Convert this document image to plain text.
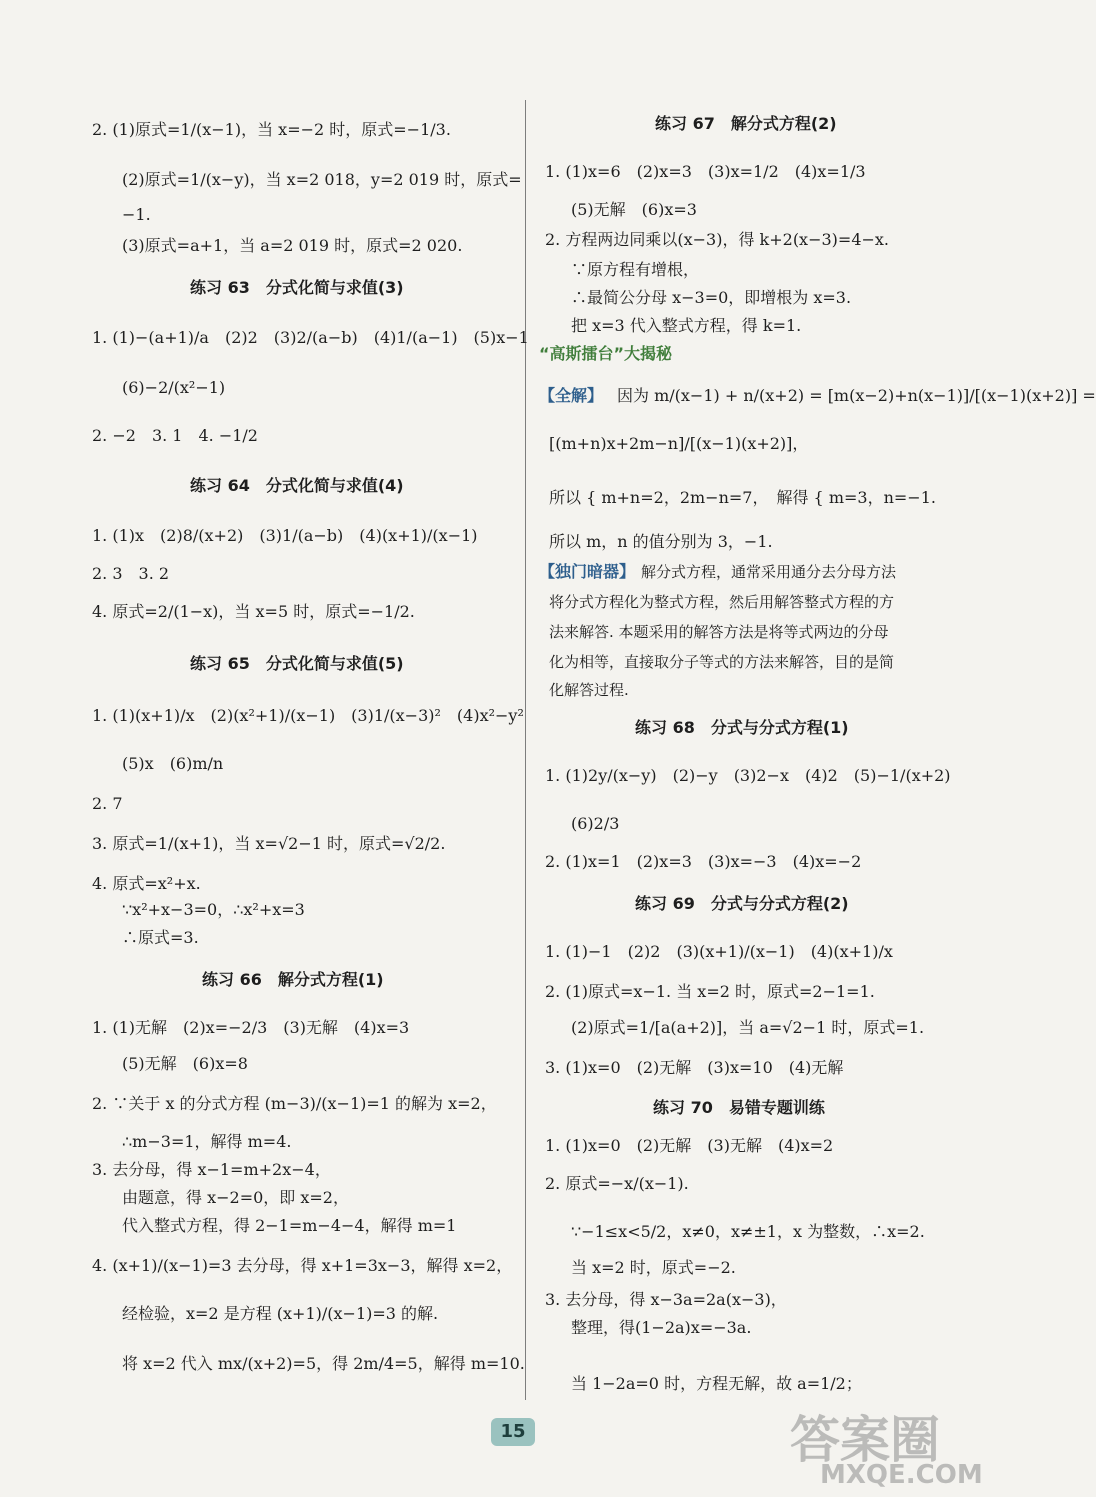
2. (1)原式=1/(x−1)，当 x=−2 时，原式=−1/3.
(2)原式=1/(x−y)，当 x=2 018，y=2 019 时，原式=
−1.
(3)原式=a+1，当 a=2 019 时，原式=2 020.
练习 63　分式化简与求值(3)
1. (1)−(a+1)/a　(2)2　(3)2/(a−b)　(4)1/(a−1)　(5)x−1
(6)−2/(x²−1)
2. −2　3. 1　4. −1/2
练习 64　分式化简与求值(4)
1. (1)x　(2)8/(x+2)　(3)1/(a−b)　(4)(x+1)/(x−1)
2. 3　3. 2
4. 原式=2/(1−x)，当 x=5 时，原式=−1/2.
练习 65　分式化简与求值(5)
1. (1)(x+1)/x　(2)(x²+1)/(x−1)　(3)1/(x−3)²　(4)x²−y²
(5)x　(6)m/n
2. 7
3. 原式=1/(x+1)，当 x=√2−1 时，原式=√2/2.
4. 原式=x²+x.
∵x²+x−3=0，∴x²+x=3
∴原式=3.
练习 66　解分式方程(1)
1. (1)无解　(2)x=−2/3　(3)无解　(4)x=3
(5)无解　(6)x=8
2. ∵关于 x 的分式方程 (m−3)/(x−1)=1 的解为 x=2，
∴m−3=1，解得 m=4.
3. 去分母，得 x−1=m+2x−4，
由题意，得 x−2=0，即 x=2，
代入整式方程，得 2−1=m−4−4，解得 m=1
4. (x+1)/(x−1)=3 去分母，得 x+1=3x−3，解得 x=2，
经检验，x=2 是方程 (x+1)/(x−1)=3 的解.
将 x=2 代入 mx/(x+2)=5，得 2m/4=5，解得 m=10.
练习 67　解分式方程(2)
1. (1)x=6　(2)x=3　(3)x=1/2　(4)x=1/3
(5)无解　(6)x=3
2. 方程两边同乘以(x−3)，得 k+2(x−3)=4−x.
∵原方程有增根，
∴最简公分母 x−3=0，即增根为 x=3.
把 x=3 代入整式方程，得 k=1.
“高斯擂台”大揭秘
【全解】 因为 m/(x−1) + n/(x+2) = [m(x−2)+n(x−1)]/[(x−1)(x+2)] =
[(m+n)x+2m−n]/[(x−1)(x+2)]，
所以 { m+n=2，2m−n=7，　解得 { m=3，n=−1.
所以 m，n 的值分别为 3，−1.
【独门暗器】 解分式方程，通常采用通分去分母方法
将分式方程化为整式方程，然后用解答整式方程的方
法来解答. 本题采用的解答方法是将等式两边的分母
化为相等，直接取分子等式的方法来解答，目的是简
化解答过程.
练习 68　分式与分式方程(1)
1. (1)2y/(x−y)　(2)−y　(3)2−x　(4)2　(5)−1/(x+2)
(6)2/3
2. (1)x=1　(2)x=3　(3)x=−3　(4)x=−2
练习 69　分式与分式方程(2)
1. (1)−1　(2)2　(3)(x+1)/(x−1)　(4)(x+1)/x
2. (1)原式=x−1. 当 x=2 时，原式=2−1=1.
(2)原式=1/[a(a+2)]，当 a=√2−1 时，原式=1.
3. (1)x=0　(2)无解　(3)x=10　(4)无解
练习 70　易错专题训练
1. (1)x=0　(2)无解　(3)无解　(4)x=2
2. 原式=−x/(x−1).
∵−1≤x<5/2，x≠0，x≠±1，x 为整数，∴x=2.
当 x=2 时，原式=−2.
3. 去分母，得 x−3a=2a(x−3)，
整理，得(1−2a)x=−3a.
当 1−2a=0 时，方程无解，故 a=1/2；
15	答案圈
MXQE.COM
